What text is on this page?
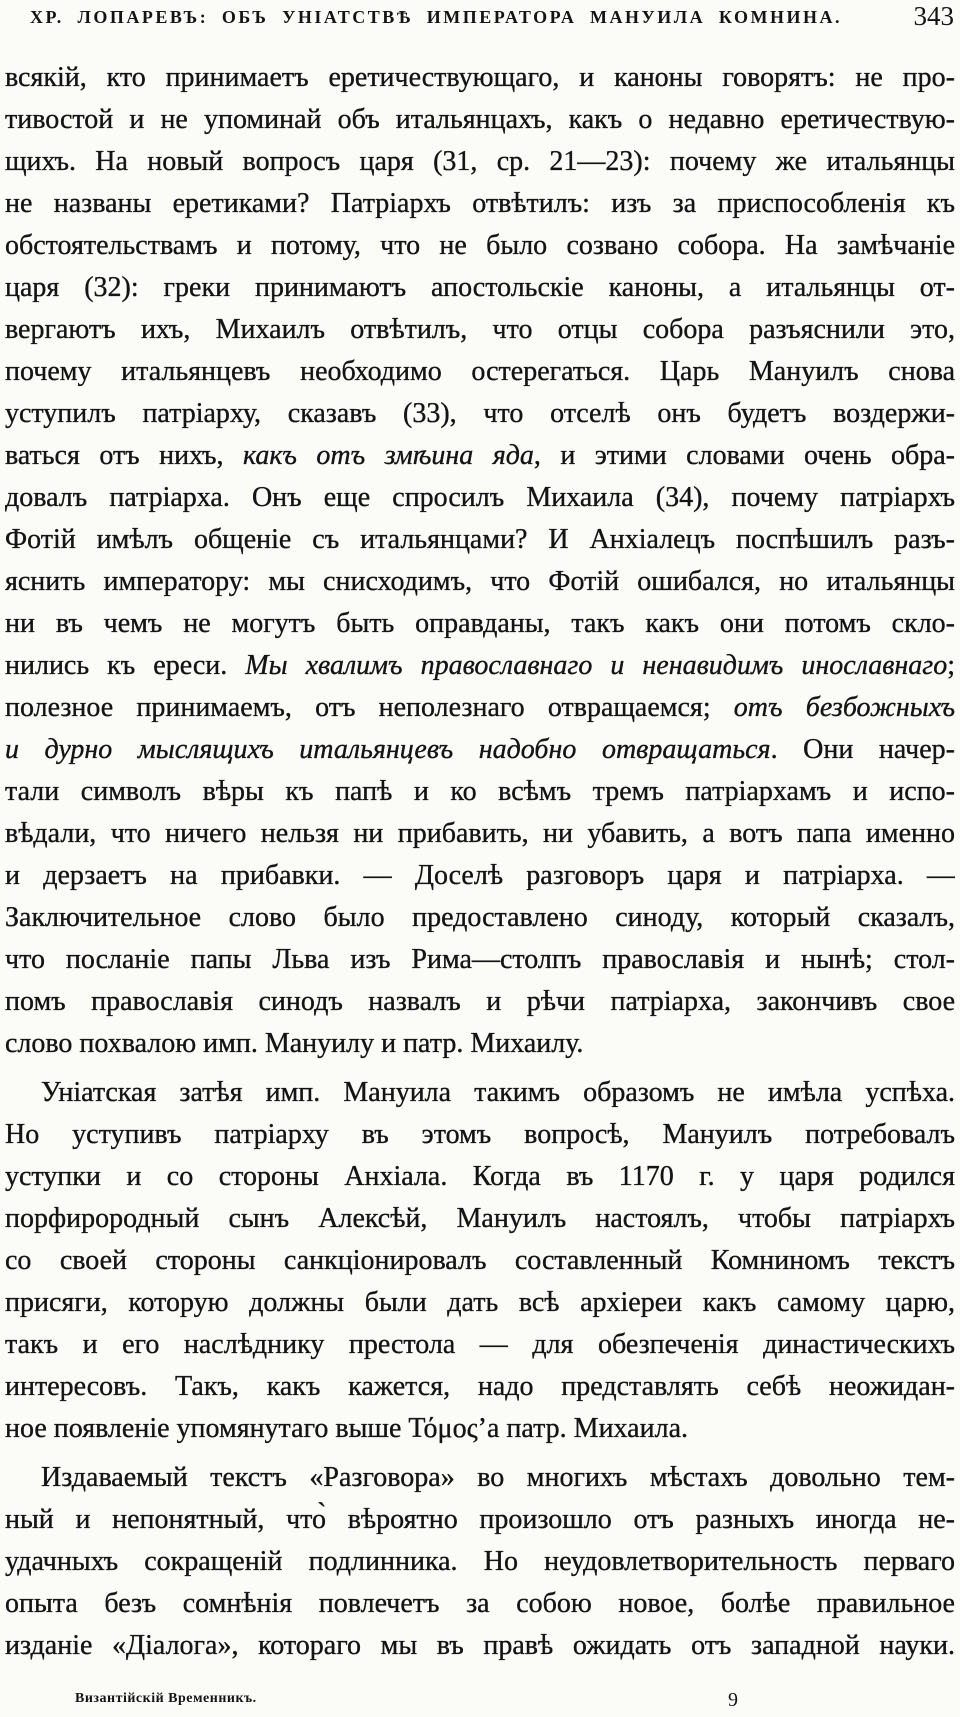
ХР. ЛОПАРЕВЪ: ОБЪ УНІАТСТВѢ ИМПЕРАТОРА МАНУИЛА КОМНИНА.	343
всякій, кто принимаетъ еретичествующаго, и каноны говорятъ: не про-
тивостой и не упоминай объ итальянцахъ, какъ о недавно еретичествую-
щихъ. На новый вопросъ царя (31, ср. 21—23): почему же итальянцы
не названы еретиками? Патріархъ отвѣтилъ: изъ за приспособленія къ
обстоятельствамъ и потому, что не было созвано собора. На замѣчаніе
царя (32): греки принимаютъ апостольскіе каноны, а итальянцы от-
вергаютъ ихъ, Михаилъ отвѣтилъ, что отцы собора разъяснили это,
почему итальянцевъ необходимо остерегаться. Царь Мануилъ снова
уступилъ патріарху, сказавъ (33), что отселѣ онъ будетъ воздержи-
ваться отъ нихъ, какъ отъ змѣина яда, и этими словами очень обра-
довалъ патріарха. Онъ еще спросилъ Михаила (34), почему патріархъ
Фотій имѣлъ общеніе съ итальянцами? И Анхіалецъ поспѣшилъ разъ-
яснить императору: мы снисходимъ, что Фотій ошибался, но итальянцы
ни въ чемъ не могутъ быть оправданы, такъ какъ они потомъ скло-
нились къ ереси. Мы хвалимъ православнаго и ненавидимъ инославнаго;
полезное принимаемъ, отъ неполезнаго отвращаемся; отъ безбожныхъ
и дурно мыслящихъ итальянцевъ надобно отвращаться. Они начер-
тали символъ вѣры къ папѣ и ко всѣмъ тремъ патріархамъ и испо-
вѣдали, что ничего нельзя ни прибавить, ни убавить, а вотъ папа именно
и дерзаетъ на прибавки. — Доселѣ разговоръ царя и патріарха. —
Заключительное слово было предоставлено синоду, который сказалъ,
что посланіе папы Льва изъ Рима—столпъ православія и нынѣ; стол-
помъ православія синодъ назвалъ и рѣчи патріарха, закончивъ свое
слово похвалою имп. Мануилу и патр. Михаилу.
Уніатская затѣя имп. Мануила такимъ образомъ не имѣла успѣха.
Но уступивъ патріарху въ этомъ вопросѣ, Мануилъ потребовалъ
уступки и со стороны Анхіала. Когда въ 1170 г. у царя родился
порфирородный сынъ Алексѣй, Мануилъ настоялъ, чтобы патріархъ
со своей стороны санкціонировалъ составленный Комниномъ текстъ
присяги, которую должны были дать всѣ архіереи какъ самому царю,
такъ и его наслѣднику престола — для обезпеченія династическихъ
интересовъ. Такъ, какъ кажется, надо представлять себѣ неожидан-
ное появленіе упомянутаго выше Τόμος’а патр. Михаила.
Издаваемый текстъ «Разговора» во многихъ мѣстахъ довольно тем-
ный и непонятный, что̀ вѣроятно произошло отъ разныхъ иногда не-
удачныхъ сокращеній подлинника. Но неудовлетворительность перваго
опыта безъ сомнѣнія повлечетъ за собою новое, болѣе правильное
изданіе «Діалога», котораго мы въ правѣ ожидать отъ западной науки.
Византійскій Временникъ.	9
